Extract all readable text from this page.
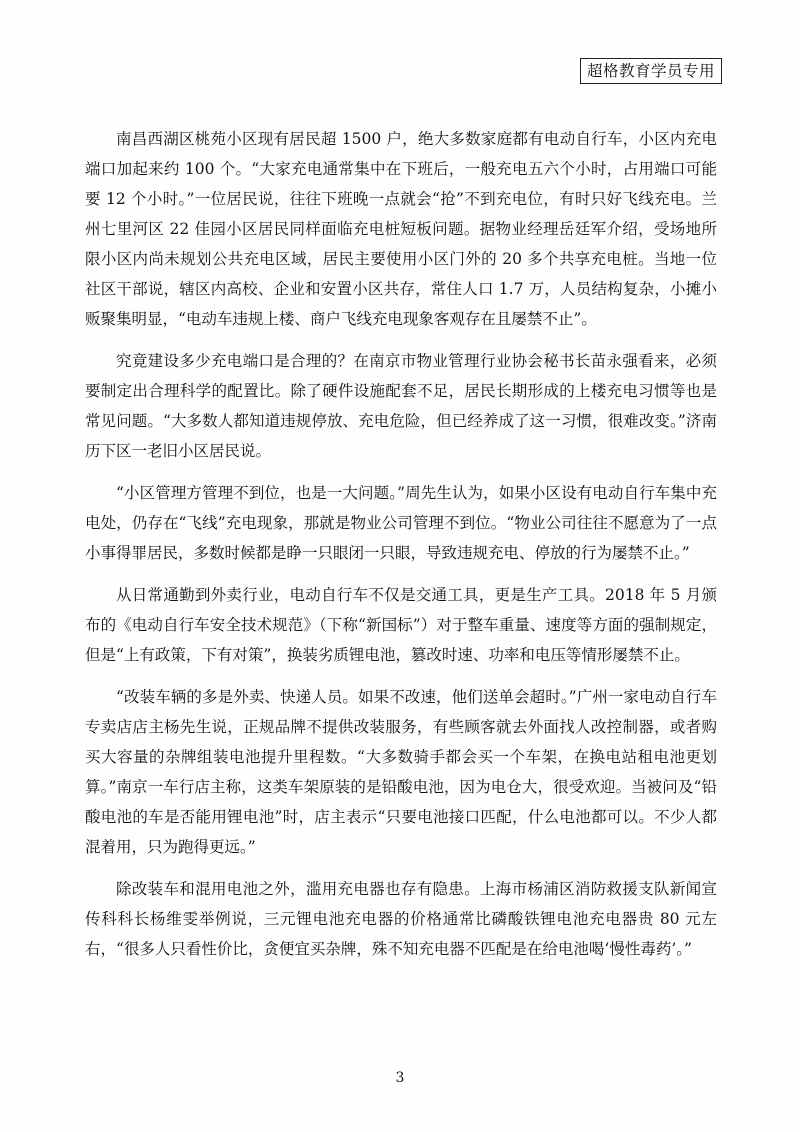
超格教育学员专用

南昌西湖区桃苑小区现有居民超 1500 户，绝大多数家庭都有电动自行车，小区内充电端口加起来约 100 个。“大家充电通常集中在下班后，一般充电五六个小时，占用端口可能要 12 个小时。”一位居民说，往往下班晚一点就会“抢”不到充电位，有时只好飞线充电。兰州七里河区 22 佳园小区居民同样面临充电桩短板问题。据物业经理岳廷军介绍，受场地所限小区内尚未规划公共充电区域，居民主要使用小区门外的 20 多个共享充电桩。当地一位社区干部说，辖区内高校、企业和安置小区共存，常住人口 1.7 万，人员结构复杂，小摊小贩聚集明显，“电动车违规上楼、商户飞线充电现象客观存在且屡禁不止”。

究竟建设多少充电端口是合理的？在南京市物业管理行业协会秘书长苗永强看来，必须要制定出合理科学的配置比。除了硬件设施配套不足，居民长期形成的上楼充电习惯等也是常见问题。“大多数人都知道违规停放、充电危险，但已经养成了这一习惯，很难改变。”济南历下区一老旧小区居民说。

“小区管理方管理不到位，也是一大问题。”周先生认为，如果小区设有电动自行车集中充电处，仍存在“飞线”充电现象，那就是物业公司管理不到位。“物业公司往往不愿意为了一点小事得罪居民，多数时候都是睁一只眼闭一只眼，导致违规充电、停放的行为屡禁不止。”

从日常通勤到外卖行业，电动自行车不仅是交通工具，更是生产工具。2018 年 5 月颁布的《电动自行车安全技术规范》（下称“新国标”）对于整车重量、速度等方面的强制规定，但是“上有政策，下有对策”，换装劣质锂电池，篡改时速、功率和电压等情形屡禁不止。

“改装车辆的多是外卖、快递人员。如果不改速，他们送单会超时。”广州一家电动自行车专卖店店主杨先生说，正规品牌不提供改装服务，有些顾客就去外面找人改控制器，或者购买大容量的杂牌组装电池提升里程数。“大多数骑手都会买一个车架，在换电站租电池更划算。”南京一车行店主称，这类车架原装的是铅酸电池，因为电仓大，很受欢迎。当被问及“铅酸电池的车是否能用锂电池”时，店主表示“只要电池接口匹配，什么电池都可以。不少人都混着用，只为跑得更远。”

除改装车和混用电池之外，滥用充电器也存有隐患。上海市杨浦区消防救援支队新闻宣传科科长杨维雯举例说，三元锂电池充电器的价格通常比磷酸铁锂电池充电器贵 80 元左右，“很多人只看性价比，贪便宜买杂牌，殊不知充电器不匹配是在给电池喝‘慢性毒药’。”

3
